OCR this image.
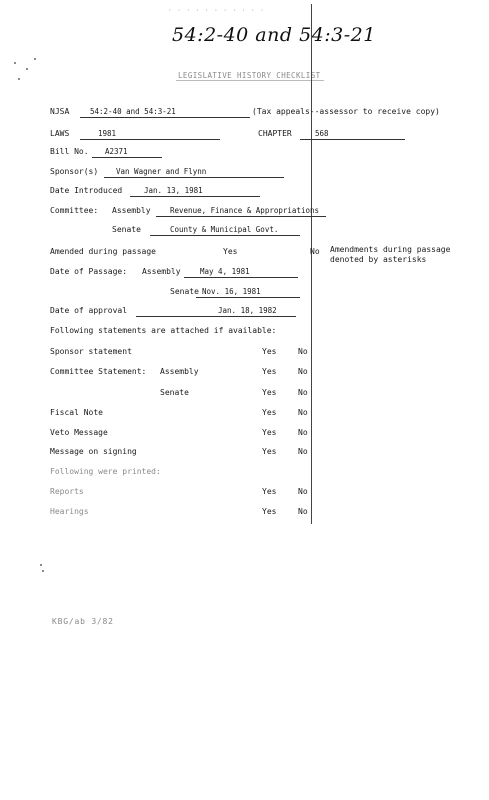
54:2-40 and 54:3-21
· · · · · · · · · · ·
LEGISLATIVE HISTORY CHECKLIST
NJSA	54:2-40 and 54:3-21	(Tax appeals--assessor to receive copy)
LAWS	1981	CHAPTER	568
Bill No. A2371
Sponsor(s) Van Wagner and Flynn
Date Introduced	Jan. 13, 1981
Committee: Assembly	Revenue, Finance & Appropriations
Senate	County & Municipal Govt.
Amended during passage	Yes	No Amendments during passage
denoted by asterisks
Date of Passage: Assembly	May 4, 1981
Senate Nov. 16, 1981
Date of approval	Jan. 18, 1982
Following statements are attached if available:
Sponsor statement	Yes	No
Committee Statement: Assembly	Yes	No
Senate	Yes	No
Fiscal Note	Yes	No
Veto Message	Yes	No
Message on signing	Yes	No
Following were printed:
Reports	Yes	No
Hearings	Yes	No
KBG/ab 3/82
